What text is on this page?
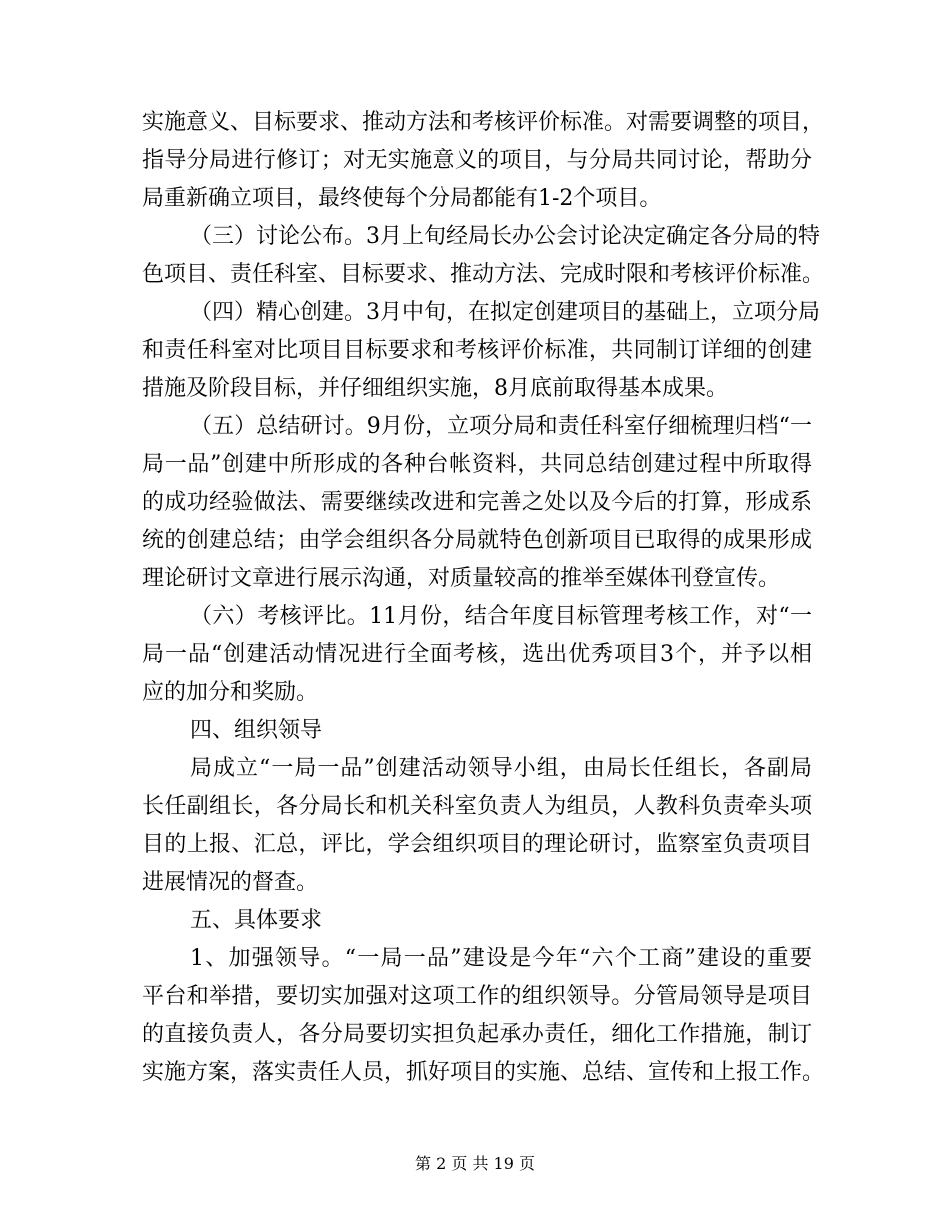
实施意义、目标要求、推动方法和考核评价标准。对需要调整的项目，
指导分局进行修订；对无实施意义的项目，与分局共同讨论，帮助分
局重新确立项目，最终使每个分局都能有1-2个项目。
（三）讨论公布。3月上旬经局长办公会讨论决定确定各分局的特
色项目、责任科室、目标要求、推动方法、完成时限和考核评价标准。
（四）精心创建。3月中旬，在拟定创建项目的基础上，立项分局
和责任科室对比项目目标要求和考核评价标准，共同制订详细的创建
措施及阶段目标，并仔细组织实施，8月底前取得基本成果。
（五）总结研讨。9月份，立项分局和责任科室仔细梳理归档“一
局一品”创建中所形成的各种台帐资料，共同总结创建过程中所取得
的成功经验做法、需要继续改进和完善之处以及今后的打算，形成系
统的创建总结；由学会组织各分局就特色创新项目已取得的成果形成
理论研讨文章进行展示沟通，对质量较高的推举至媒体刊登宣传。
（六）考核评比。11月份，结合年度目标管理考核工作，对“一
局一品“创建活动情况进行全面考核，选出优秀项目3个，并予以相
应的加分和奖励。
四、组织领导
局成立“一局一品”创建活动领导小组，由局长任组长，各副局
长任副组长，各分局长和机关科室负责人为组员，人教科负责牵头项
目的上报、汇总，评比，学会组织项目的理论研讨，监察室负责项目
进展情况的督查。
五、具体要求
1、加强领导。“一局一品”建设是今年“六个工商”建设的重要
平台和举措，要切实加强对这项工作的组织领导。分管局领导是项目
的直接负责人，各分局要切实担负起承办责任，细化工作措施，制订
实施方案，落实责任人员，抓好项目的实施、总结、宣传和上报工作。
第 2 页 共 19 页
